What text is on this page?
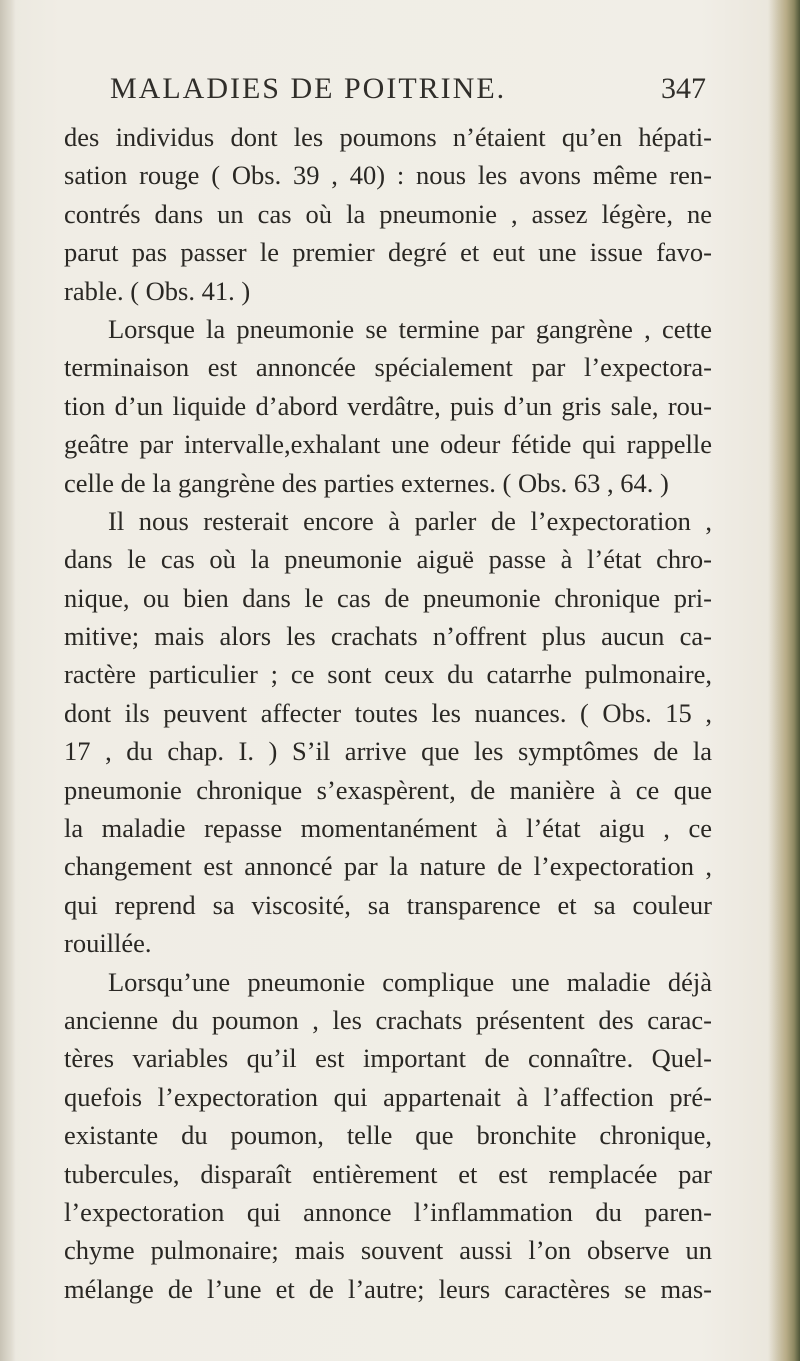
MALADIES DE POITRINE.	347
des individus dont les poumons n’étaient qu’en hépati-
sation rouge ( Obs. 39 , 40) : nous les avons même ren-
contrés dans un cas où la pneumonie , assez légère, ne
parut pas passer le premier degré et eut une issue favo-
rable. ( Obs. 41. )
Lorsque la pneumonie se termine par gangrène , cette
terminaison est annoncée spécialement par l’expectora-
tion d’un liquide d’abord verdâtre, puis d’un gris sale, rou-
geâtre par intervalle,exhalant une odeur fétide qui rappelle
celle de la gangrène des parties externes. ( Obs. 63 , 64. )
Il nous resterait encore à parler de l’expectoration ,
dans le cas où la pneumonie aiguë passe à l’état chro-
nique, ou bien dans le cas de pneumonie chronique pri-
mitive; mais alors les crachats n’offrent plus aucun ca-
ractère particulier ; ce sont ceux du catarrhe pulmonaire,
dont ils peuvent affecter toutes les nuances. ( Obs. 15 ,
17 , du chap. I. ) S’il arrive que les symptômes de la
pneumonie chronique s’exaspèrent, de manière à ce que
la maladie repasse momentanément à l’état aigu , ce
changement est annoncé par la nature de l’expectoration ,
qui reprend sa viscosité, sa transparence et sa couleur
rouillée.
Lorsqu’une pneumonie complique une maladie déjà
ancienne du poumon , les crachats présentent des carac-
tères variables qu’il est important de connaître. Quel-
quefois l’expectoration qui appartenait à l’affection pré-
existante du poumon, telle que bronchite chronique,
tubercules, disparaît entièrement et est remplacée par
l’expectoration qui annonce l’inflammation du paren-
chyme pulmonaire; mais souvent aussi l’on observe un
mélange de l’une et de l’autre; leurs caractères se mas-
